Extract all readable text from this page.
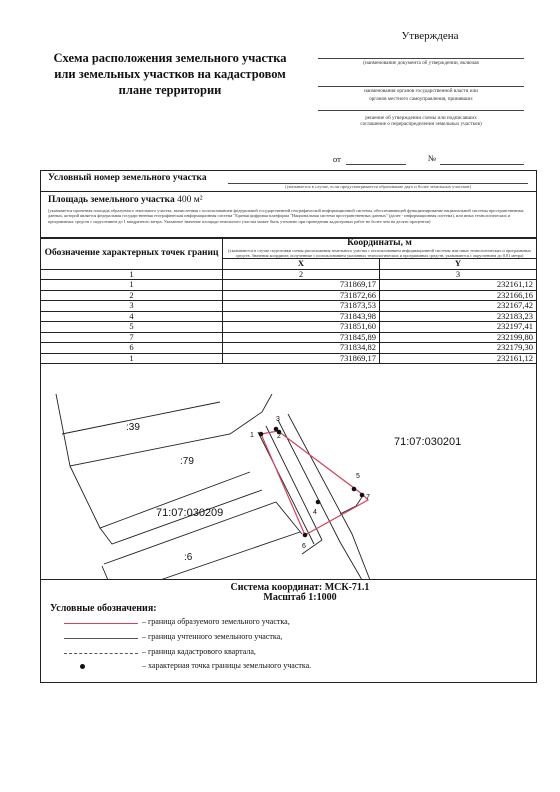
Схема расположения земельного участка
или земельных участков на кадастровом
плане территории
Утверждена
(наименование документа об утверждении, включая
наименования органов государственной власти или
органов местного самоуправления, принявших
решение об утверждении схемы или подписавших
соглашение о перераспределении земельных участков)
от	№
Условный номер земельного участка
(указывается в случае, если предусматривается образование двух и более земельных участков)
Площадь земельного участка 400 м²
(указывается проектная площадь образуемого земельного участка, вычисленная с использованием федеральной государственной географической информационной системы, обеспечивающей функционирование национальной системы пространственных данных, которой является федеральная государственная географическая информационная система "Единая цифровая платформа "Национальная система пространственных данных" (далее - информационная система), или иных технологических и программных средств с округлением до 1 квадратного метра. Указанное значение площади земельного участка может быть уточнено при проведении кадастровых работ не более чем на десять процентов)
Обозначение характерных точек границ	Координаты, м
(указываются в случае подготовки схемы расположения земельного участка с использованием информационной системы или иных технологических и программных средств. Значения координат, полученные с использованием указанных технологических и программных средств, указываются с округлением до 0,01 метра)	

	X	Y
1	2	3
1	731869,17	232161,12
2	731872,66	232166,16
3	731873,53	232167,42
4	731843,98	232183,23
5	731851,60	232197,41
7	731845,89	232199,80
6	731834,82	232179,30
1	731869,17	232161,12
1	2
3
4
5
6
7
:39
:79
:6
71:07:030201
71:07:030209
Система координат: МСК-71.1
Масштаб 1:1000
Условные обозначения:
– граница образуемого земельного участка,
– граница учтенного земельного участка,
– граница кадастрового квартала,
– характерная точка границы земельного участка.
